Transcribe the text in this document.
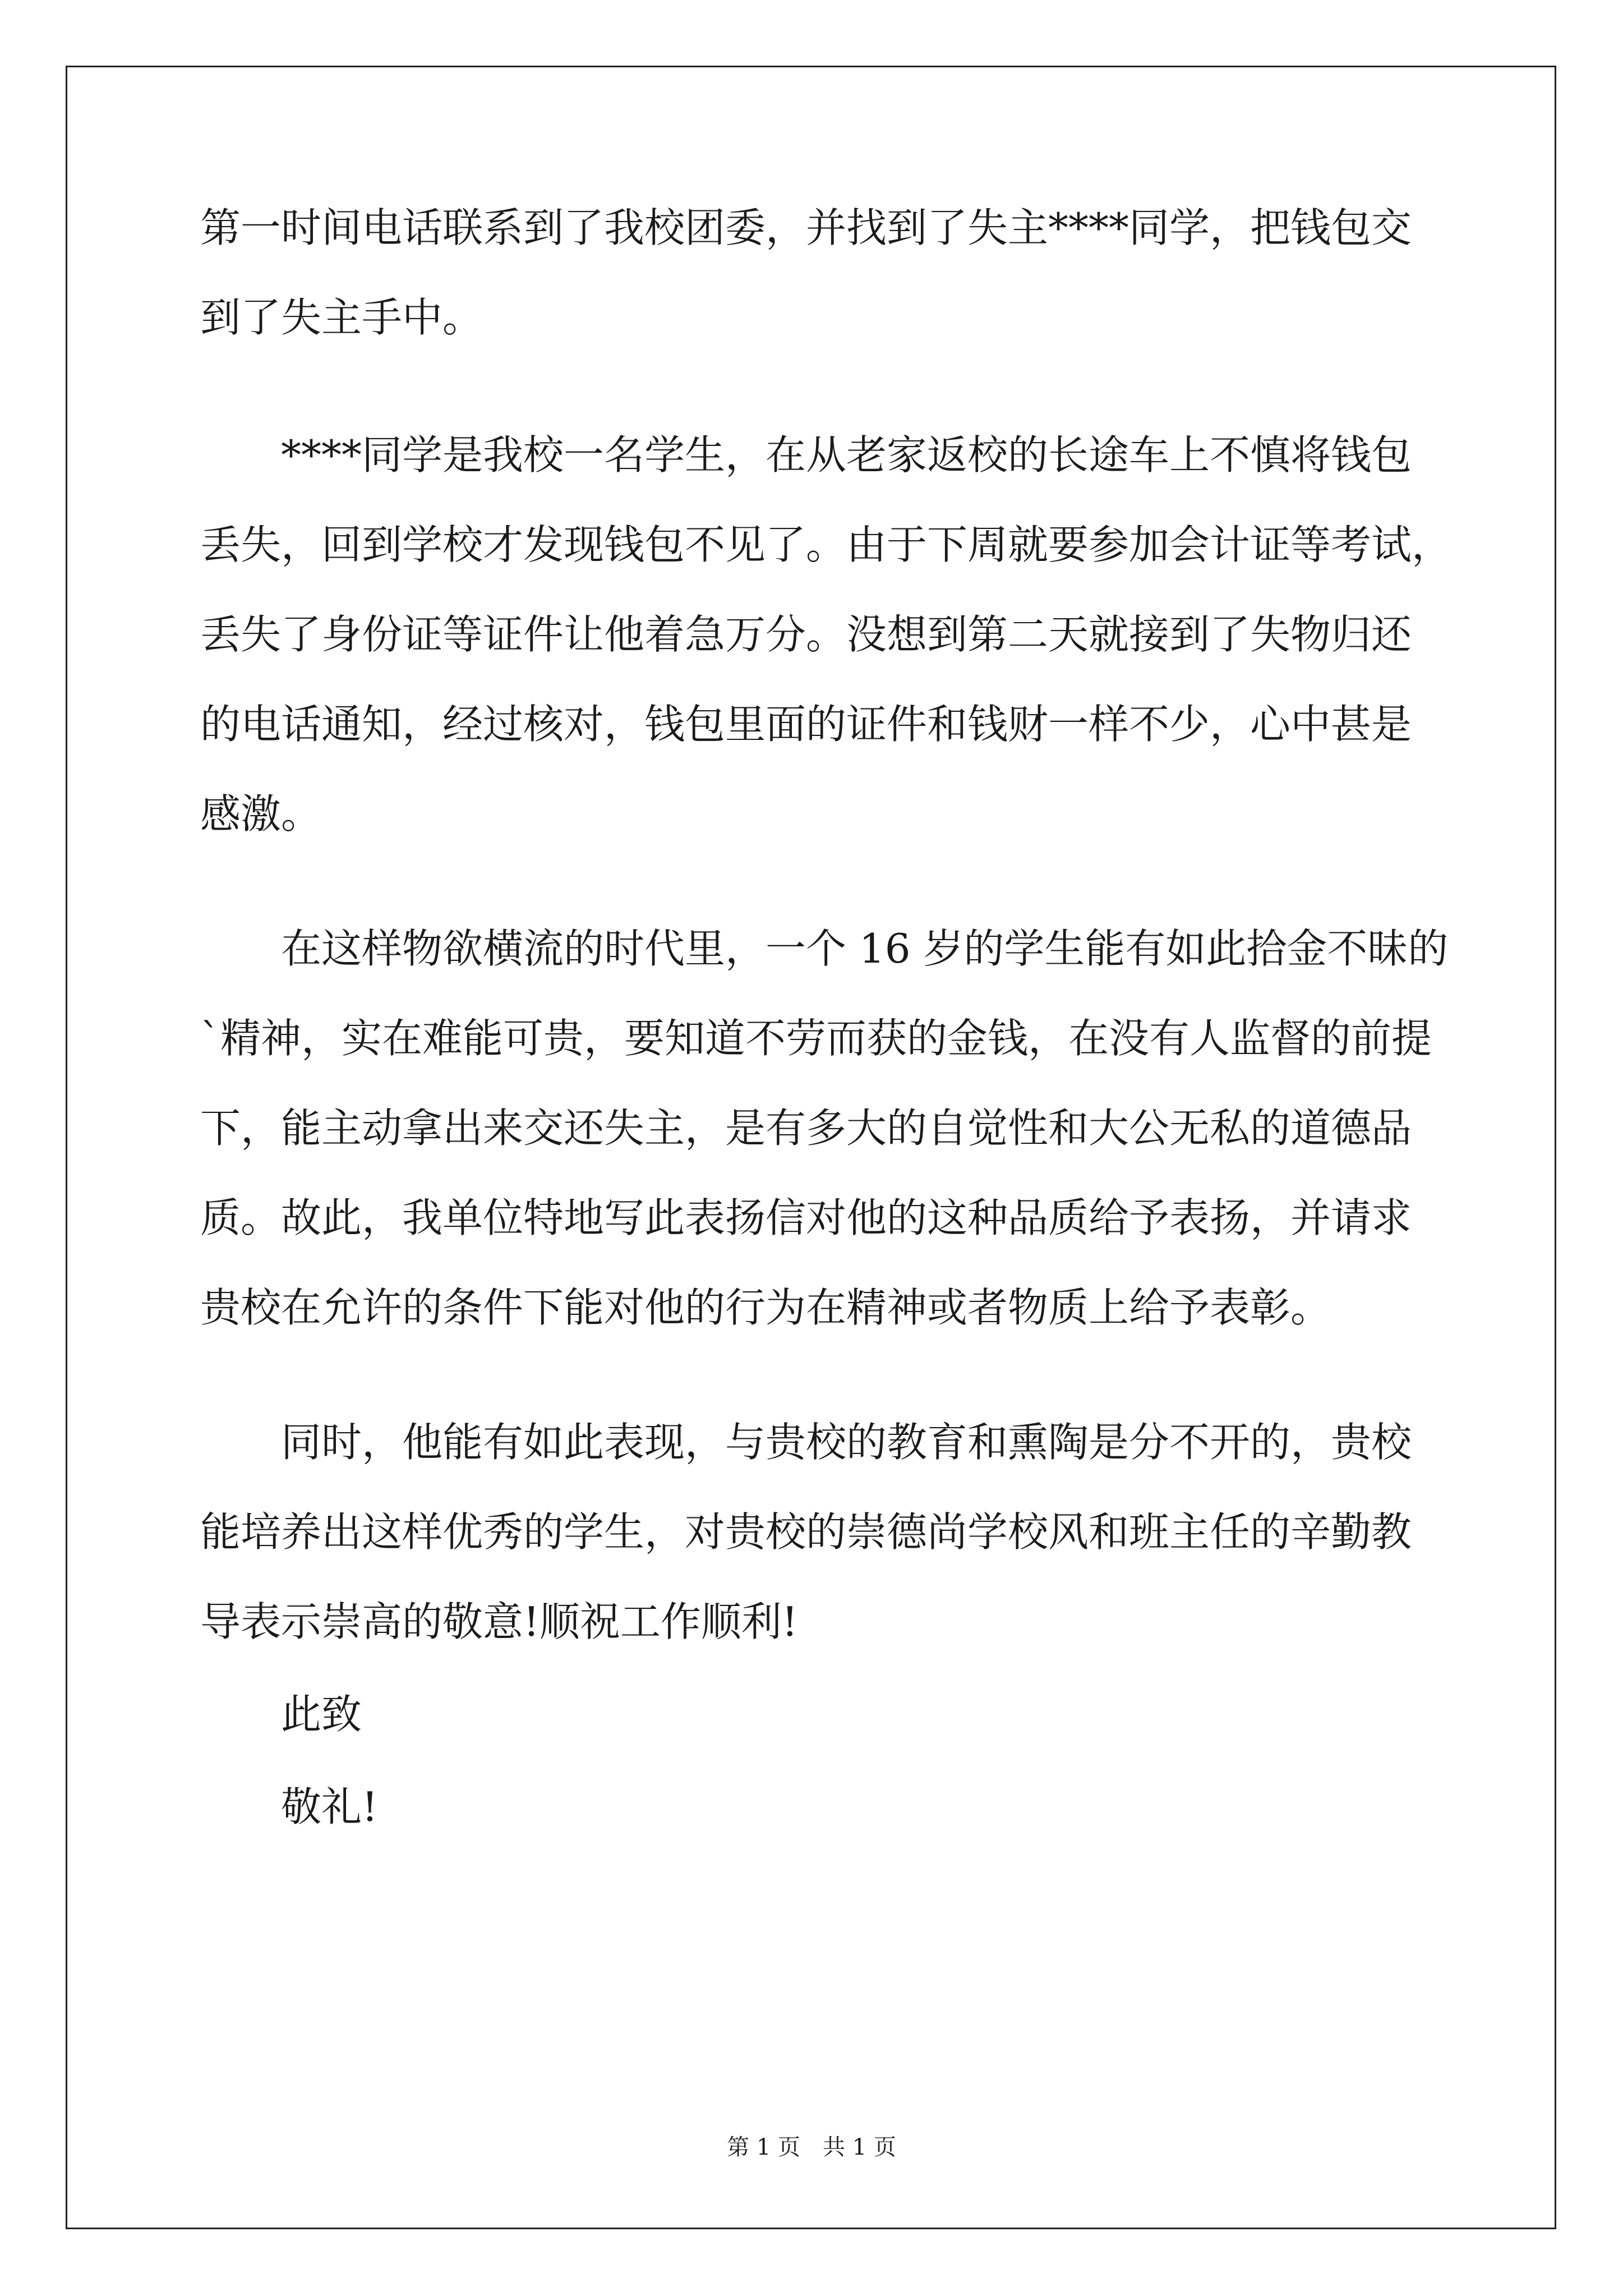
第一时间电话联系到了我校团委，并找到了失主****同学，把钱包交
到了失主手中。
****同学是我校一名学生，在从老家返校的长途车上不慎将钱包
丢失，回到学校才发现钱包不见了。由于下周就要参加会计证等考试，
丢失了身份证等证件让他着急万分。没想到第二天就接到了失物归还
的电话通知，经过核对，钱包里面的证件和钱财一样不少，心中甚是
感激。
在这样物欲横流的时代里，一个 16 岁的学生能有如此拾金不昧的
`精神，实在难能可贵，要知道不劳而获的金钱，在没有人监督的前提
下，能主动拿出来交还失主，是有多大的自觉性和大公无私的道德品
质。故此，我单位特地写此表扬信对他的这种品质给予表扬，并请求
贵校在允许的条件下能对他的行为在精神或者物质上给予表彰。
同时，他能有如此表现，与贵校的教育和熏陶是分不开的，贵校
能培养出这样优秀的学生，对贵校的崇德尚学校风和班主任的辛勤教
导表示崇高的敬意!顺祝工作顺利!
此致
敬礼!
第 1 页　共 1 页
